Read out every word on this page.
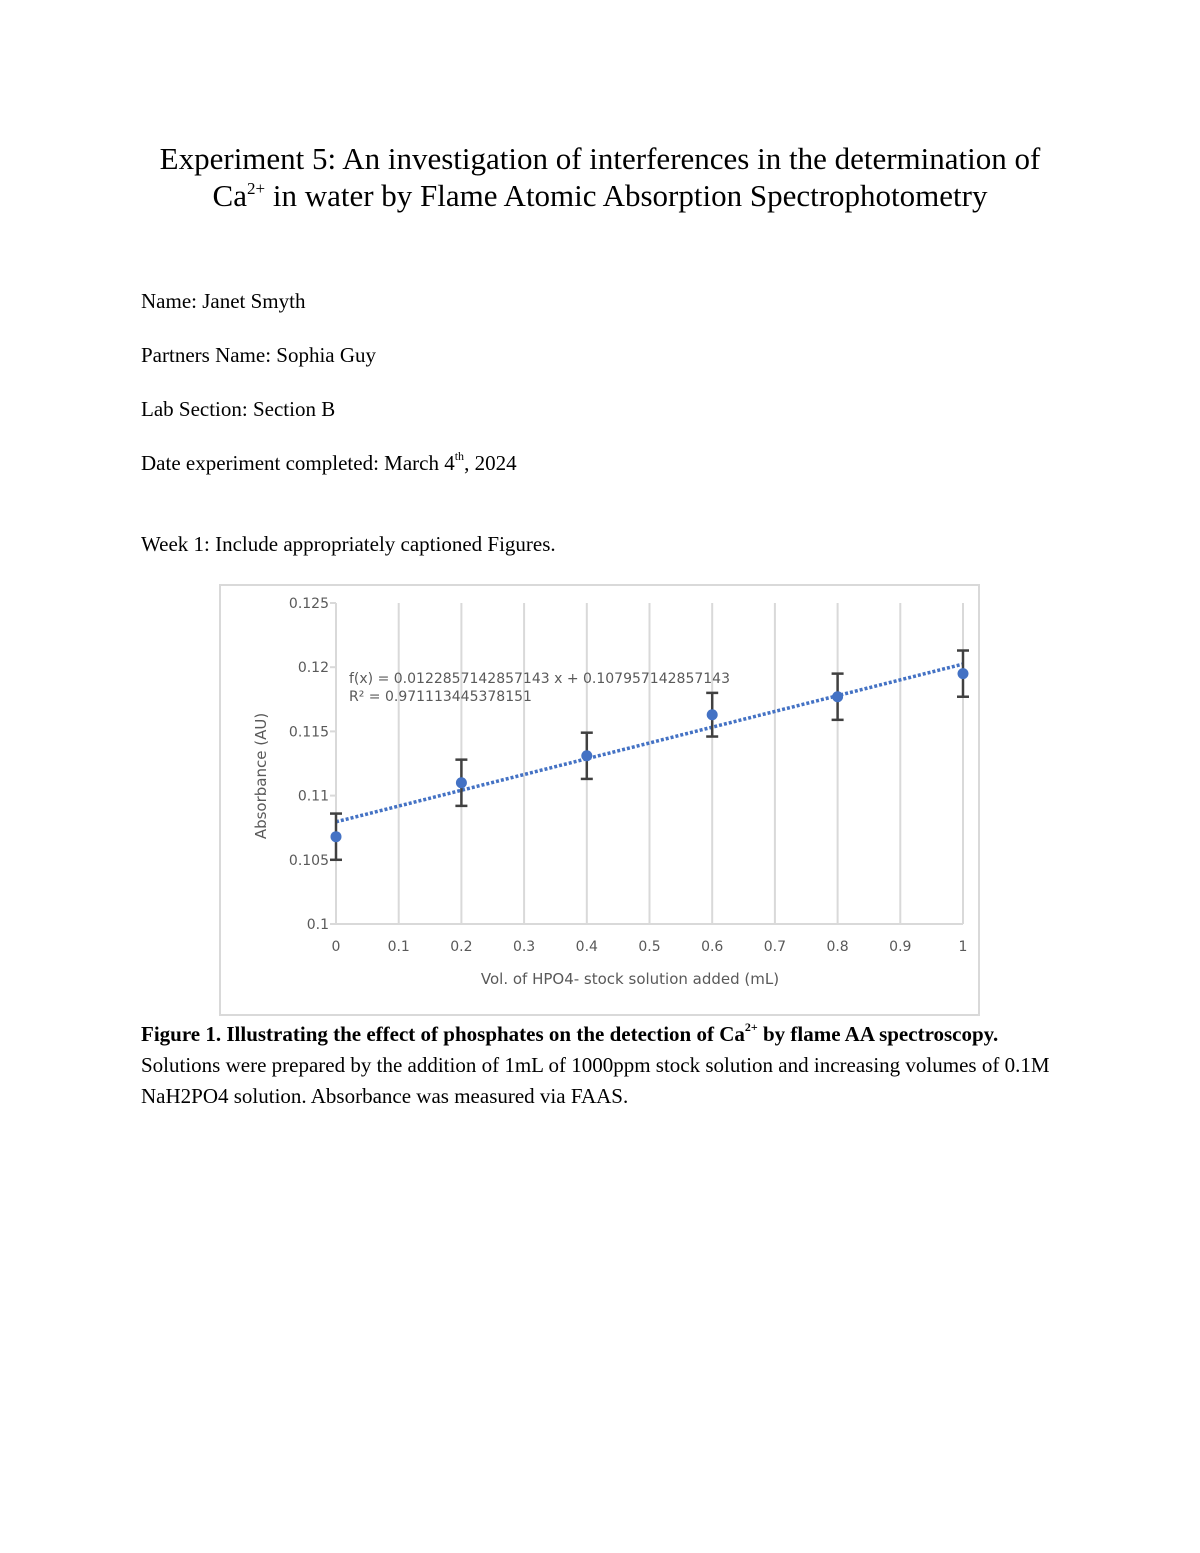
Experiment 5: An investigation of interferences in the determination of
$Ca^{2+}$ in water by Flame Atomic Absorption Spectrophotometry
Name: Janet Smyth
Partners Name: Sophia Guy
Lab Section: Section B
Date experiment completed: March 4th, 2024
Week 1: Include appropriately captioned Figures.
0	0.1	0.2	0.3	0.4	0.5	0.6	0.7	0.8	0.9	1
0.1
0.105
0.11
0.115
0.12
0.125
f(x) = 0.0122857142857143 x + 0.107957142857143
R² = 0.971113445378151
Vol. of HPO4- stock solution added (mL)
Absorbance (AU)
Figure 1. Illustrating the effect of phosphates on the detection of $Ca^{2+}$ by flame AA spectroscopy. Solutions were prepared by the addition of 1mL of 1000ppm stock solution and increasing volumes of 0.1M NaH2PO4 solution. Absorbance was measured via FAAS.
